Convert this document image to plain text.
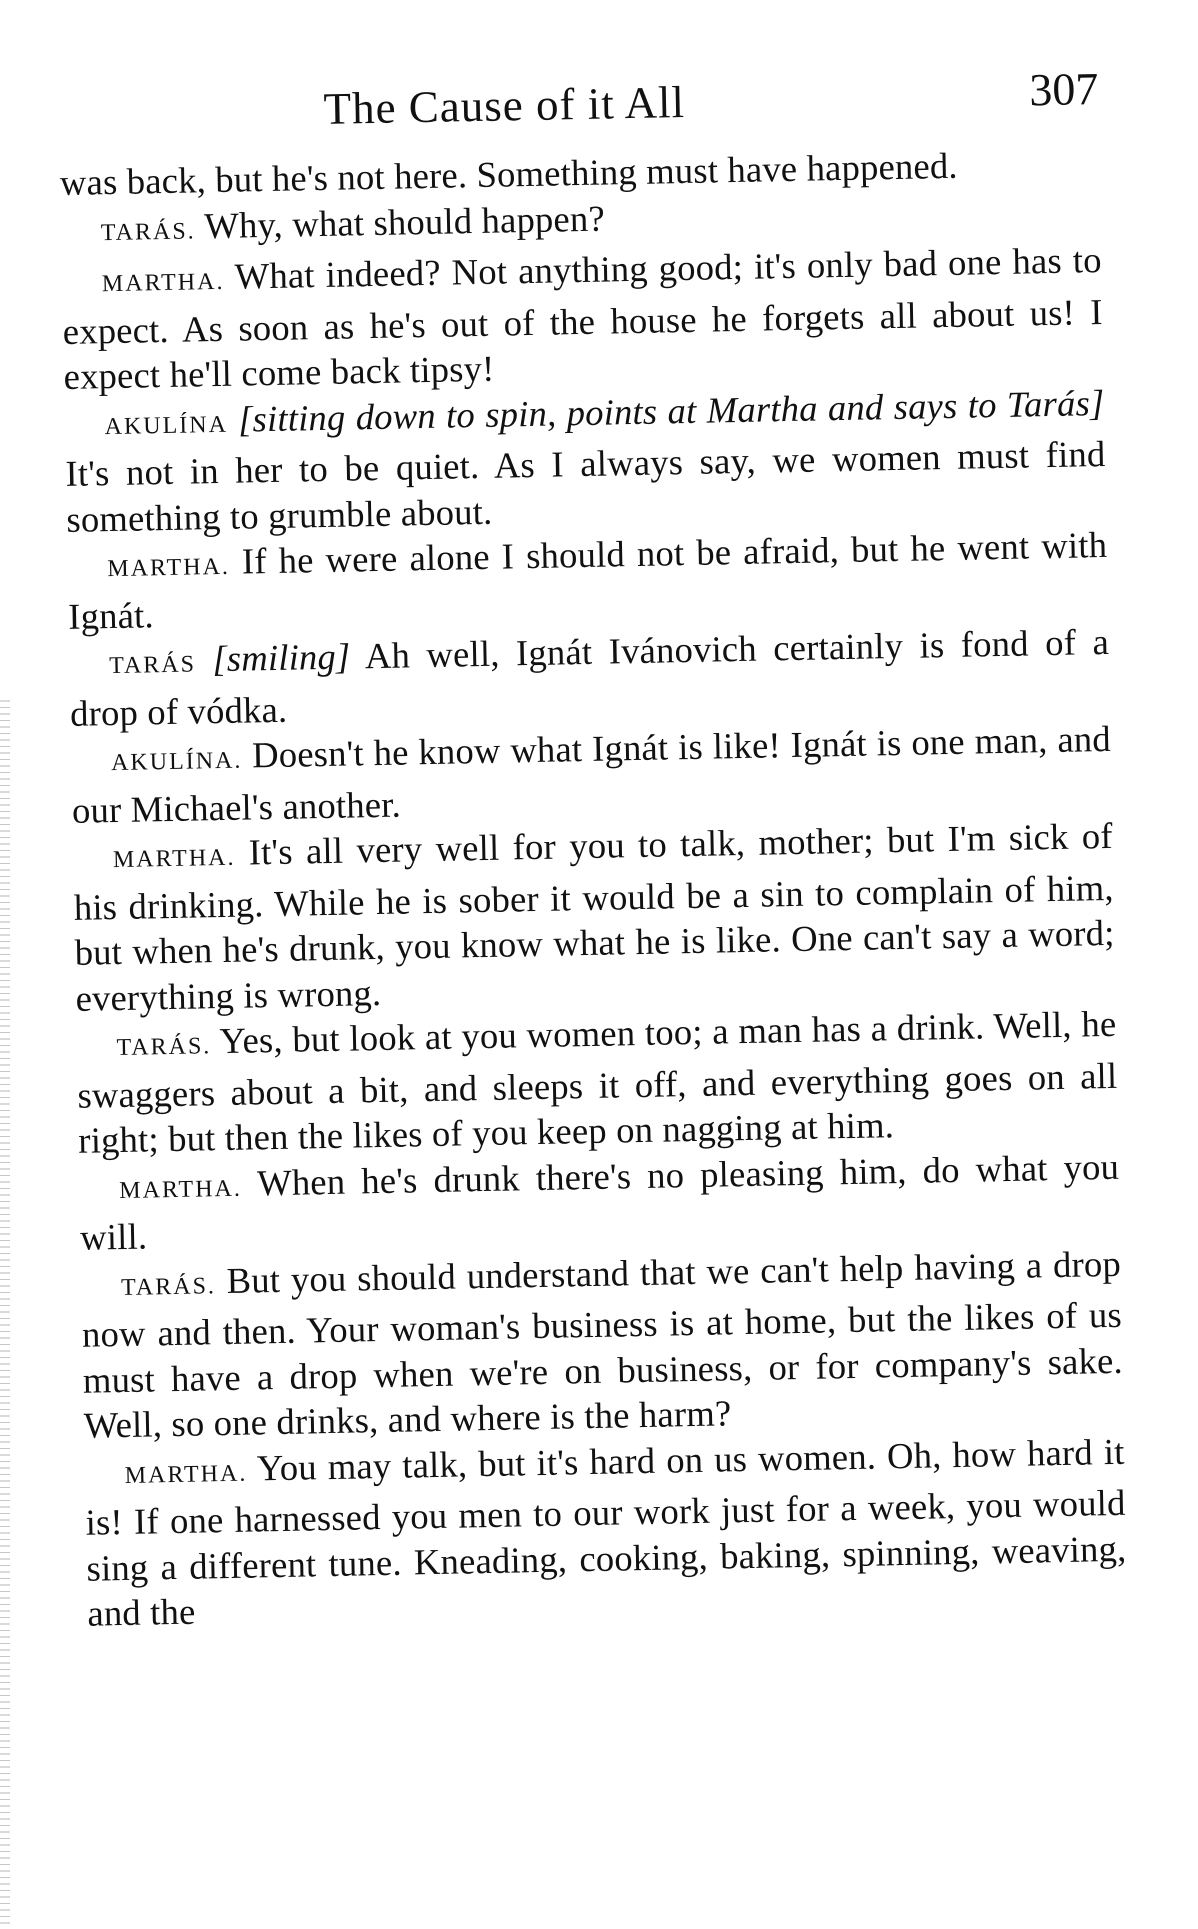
The Cause of it All	307

was back, but he's not here. Something must have happened.

TARÁS. Why, what should happen?

MARTHA. What indeed? Not anything good; it's only bad one has to expect. As soon as he's out of the house he forgets all about us! I expect he'll come back tipsy!

AKULÍNA [sitting down to spin, points at Martha and says to Tarás] It's not in her to be quiet. As I always say, we women must find something to grumble about.

MARTHA. If he were alone I should not be afraid, but he went with Ignát.

TARÁS [smiling] Ah well, Ignát Ivánovich certainly is fond of a drop of vódka.

AKULÍNA. Doesn't he know what Ignát is like! Ignát is one man, and our Michael's another.

MARTHA. It's all very well for you to talk, mother; but I'm sick of his drinking. While he is sober it would be a sin to complain of him, but when he's drunk, you know what he is like. One can't say a word; everything is wrong.

TARÁS. Yes, but look at you women too; a man has a drink. Well, he swaggers about a bit, and sleeps it off, and everything goes on all right; but then the likes of you keep on nagging at him.

MARTHA. When he's drunk there's no pleasing him, do what you will.

TARÁS. But you should understand that we can't help having a drop now and then. Your woman's business is at home, but the likes of us must have a drop when we're on business, or for company's sake. Well, so one drinks, and where is the harm?

MARTHA. You may talk, but it's hard on us women. Oh, how hard it is! If one harnessed you men to our work just for a week, you would sing a different tune. Kneading, cooking, baking, spinning, weaving, and the
